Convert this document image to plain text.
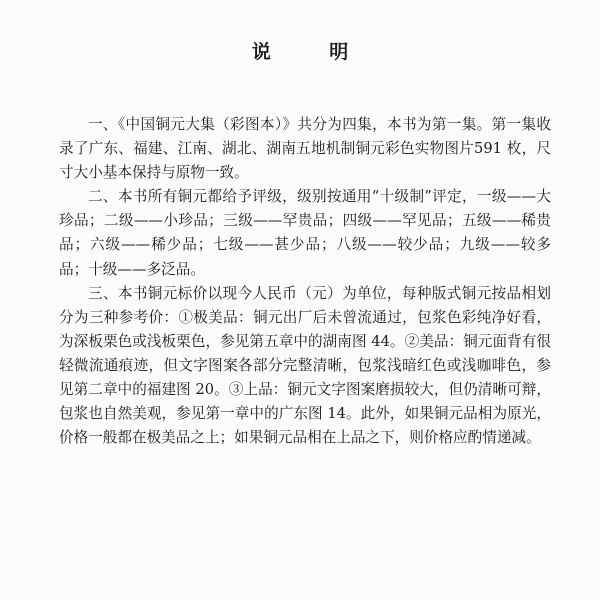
说 明

一、《中国铜元大集（彩图本）》共分为四集，本书为第一集。第一集收录了广东、福建、江南、湖北、湖南五地机制铜元彩色实物图片591 枚，尺寸大小基本保持与原物一致。

二、本书所有铜元都给予评级，级别按通用“十级制”评定，一级——大珍品；二级——小珍品；三级——罕贵品；四级——罕见品；五级——稀贵品；六级——稀少品；七级——甚少品；八级——较少品；九级——较多品；十级——多泛品。

三、本书铜元标价以现今人民币（元）为单位，每种版式铜元按品相划分为三种参考价：①极美品：铜元出厂后未曾流通过，包浆色彩纯净好看，为深板栗色或浅板栗色，参见第五章中的湖南图 44。②美品：铜元面背有很轻微流通痕迹，但文字图案各部分完整清晰，包浆浅暗红色或浅咖啡色，参见第二章中的福建图 20。③上品：铜元文字图案磨损较大，但仍清晰可辩，包浆也自然美观，参见第一章中的广东图 14。此外，如果铜元品相为原光，价格一般都在极美品之上；如果铜元品相在上品之下，则价格应酌情递减。
